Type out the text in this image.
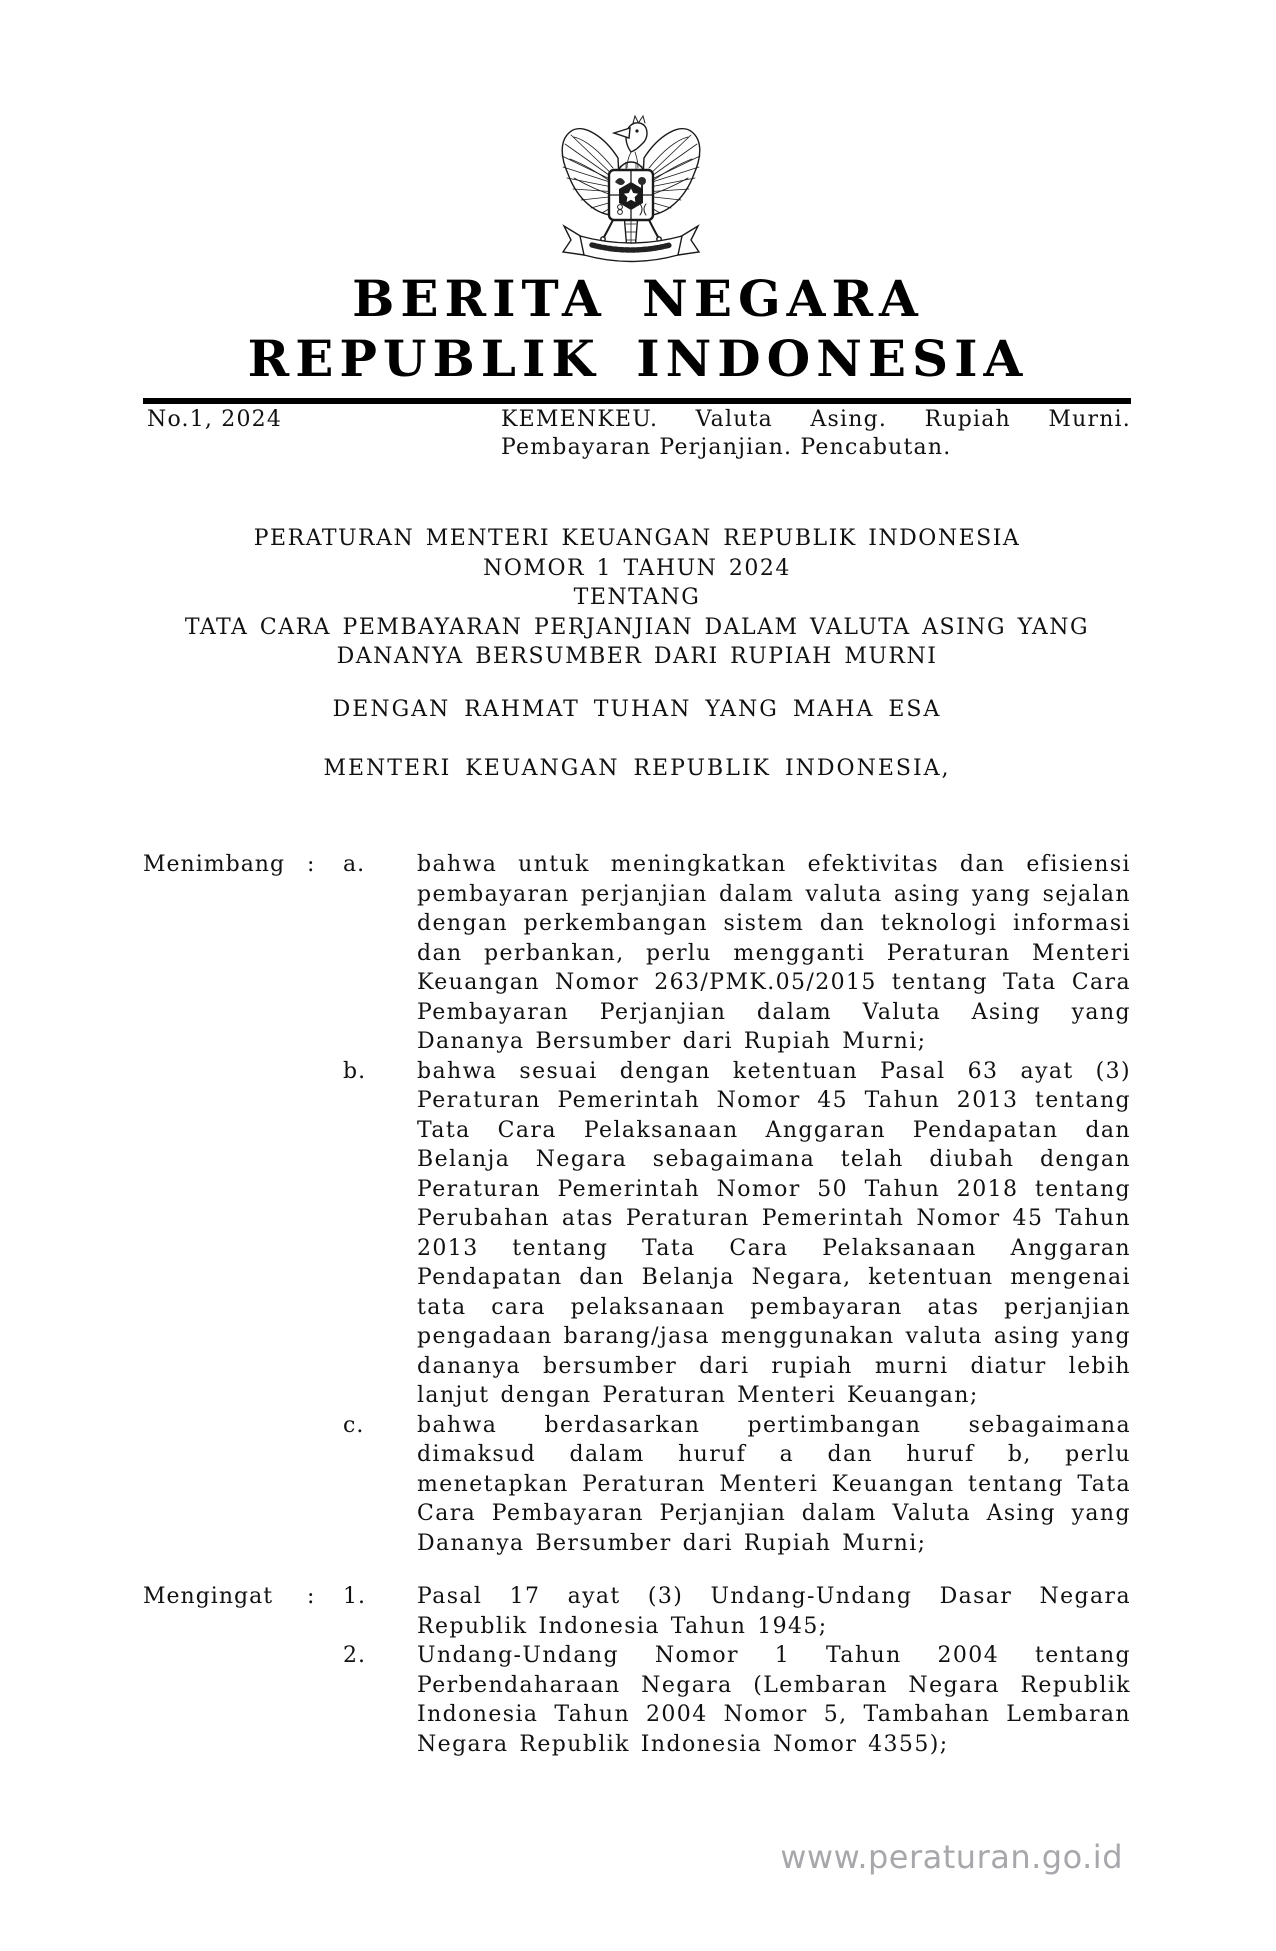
BERITA NEGARA
REPUBLIK INDONESIA
No.1, 2024	KEMENKEU. Valuta Asing. Rupiah Murni.
Pembayaran Perjanjian. Pencabutan.
PERATURAN MENTERI KEUANGAN REPUBLIK INDONESIA
NOMOR 1 TAHUN 2024
TENTANG
TATA CARA PEMBAYARAN PERJANJIAN DALAM VALUTA ASING YANG
DANANYA BERSUMBER DARI RUPIAH MURNI
DENGAN RAHMAT TUHAN YANG MAHA ESA
MENTERI KEUANGAN REPUBLIK INDONESIA,
Menimbang :	a.	bahwa untuk meningkatkan efektivitas dan efisiensi pembayaran perjanjian dalam valuta asing yang sejalan dengan perkembangan sistem dan teknologi informasi dan perbankan, perlu mengganti Peraturan Menteri Keuangan Nomor 263/PMK.05/2015 tentang Tata Cara Pembayaran Perjanjian dalam Valuta Asing yang Dananya Bersumber dari Rupiah Murni;
b.	bahwa sesuai dengan ketentuan Pasal 63 ayat (3) Peraturan Pemerintah Nomor 45 Tahun 2013 tentang Tata Cara Pelaksanaan Anggaran Pendapatan dan Belanja Negara sebagaimana telah diubah dengan Peraturan Pemerintah Nomor 50 Tahun 2018 tentang Perubahan atas Peraturan Pemerintah Nomor 45 Tahun 2013 tentang Tata Cara Pelaksanaan Anggaran Pendapatan dan Belanja Negara, ketentuan mengenai tata cara pelaksanaan pembayaran atas perjanjian pengadaan barang/jasa menggunakan valuta asing yang dananya bersumber dari rupiah murni diatur lebih lanjut dengan Peraturan Menteri Keuangan;
c.	bahwa berdasarkan pertimbangan sebagaimana dimaksud dalam huruf a dan huruf b, perlu menetapkan Peraturan Menteri Keuangan tentang Tata Cara Pembayaran Perjanjian dalam Valuta Asing yang Dananya Bersumber dari Rupiah Murni;
Mengingat	:	1.	Pasal 17 ayat (3) Undang-Undang Dasar Negara Republik Indonesia Tahun 1945;
2.	Undang-Undang Nomor 1 Tahun 2004 tentang Perbendaharaan Negara (Lembaran Negara Republik Indonesia Tahun 2004 Nomor 5, Tambahan Lembaran Negara Republik Indonesia Nomor 4355);
www.peraturan.go.id
